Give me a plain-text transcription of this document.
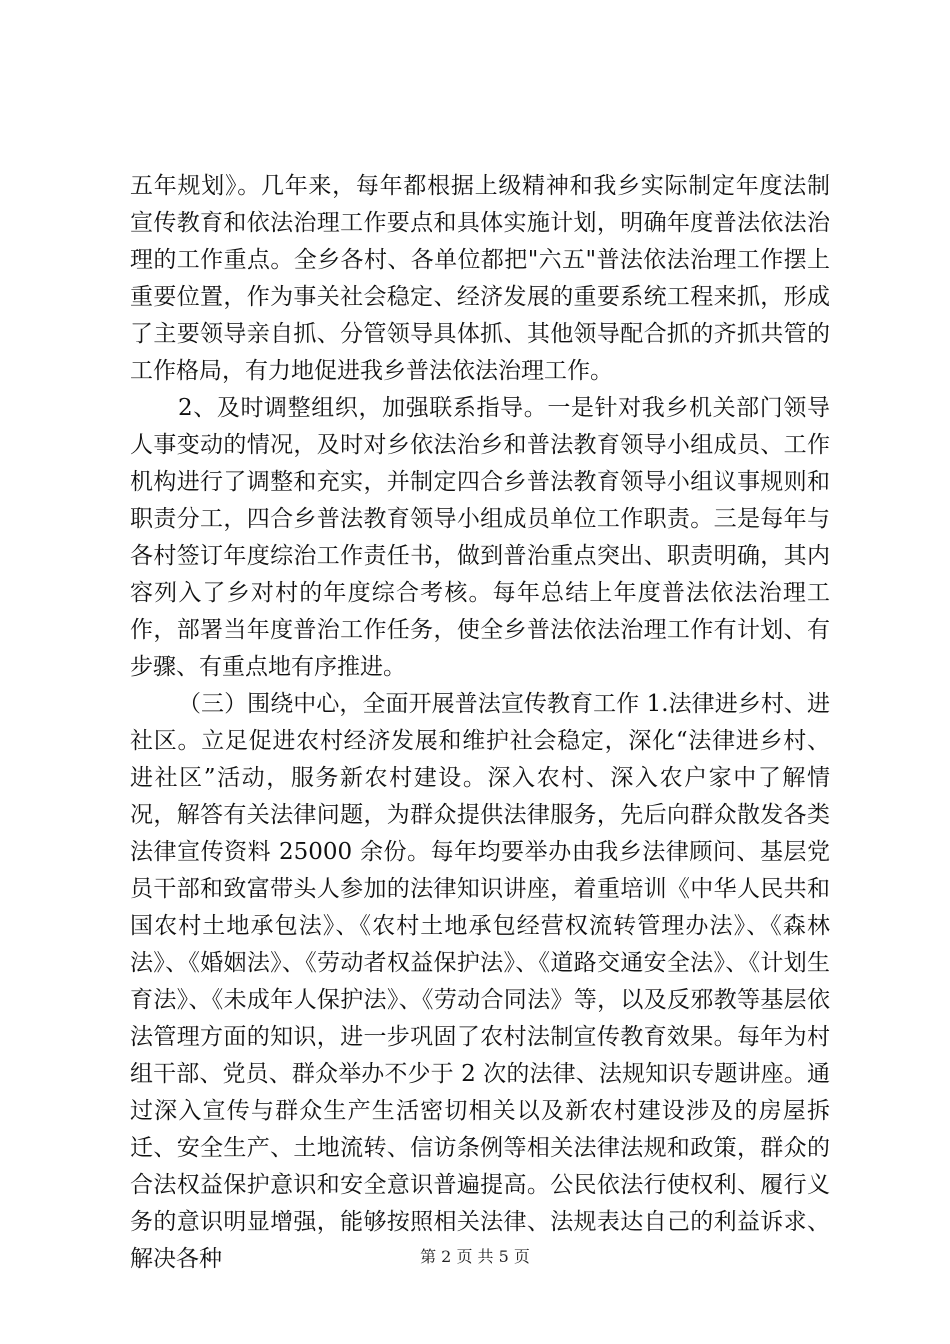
五年规划》。几年来，每年都根据上级精神和我乡实际制定年度法制宣传教育和依法治理工作要点和具体实施计划，明确年度普法依法治理的工作重点。全乡各村、各单位都把"六五"普法依法治理工作摆上重要位置，作为事关社会稳定、经济发展的重要系统工程来抓，形成了主要领导亲自抓、分管领导具体抓、其他领导配合抓的齐抓共管的工作格局，有力地促进我乡普法依法治理工作。

2、及时调整组织，加强联系指导。一是针对我乡机关部门领导人事变动的情况，及时对乡依法治乡和普法教育领导小组成员、工作机构进行了调整和充实，并制定四合乡普法教育领导小组议事规则和职责分工，四合乡普法教育领导小组成员单位工作职责。三是每年与各村签订年度综治工作责任书，做到普治重点突出、职责明确，其内容列入了乡对村的年度综合考核。每年总结上年度普法依法治理工作，部署当年度普治工作任务，使全乡普法依法治理工作有计划、有步骤、有重点地有序推进。

（三）围绕中心，全面开展普法宣传教育工作 1.法律进乡村、进社区。立足促进农村经济发展和维护社会稳定，深化“法律进乡村、进社区”活动，服务新农村建设。深入农村、深入农户家中了解情况，解答有关法律问题，为群众提供法律服务，先后向群众散发各类法律宣传资料 25000 余份。每年均要举办由我乡法律顾问、基层党员干部和致富带头人参加的法律知识讲座，着重培训《中华人民共和国农村土地承包法》、《农村土地承包经营权流转管理办法》、《森林法》、《婚姻法》、《劳动者权益保护法》、《道路交通安全法》、《计划生育法》、《未成年人保护法》、《劳动合同法》等，以及反邪教等基层依法管理方面的知识，进一步巩固了农村法制宣传教育效果。每年为村组干部、党员、群众举办不少于 2 次的法律、法规知识专题讲座。通过深入宣传与群众生产生活密切相关以及新农村建设涉及的房屋拆迁、安全生产、土地流转、信访条例等相关法律法规和政策，群众的合法权益保护意识和安全意识普遍提高。公民依法行使权利、履行义务的意识明显增强，能够按照相关法律、法规表达自己的利益诉求、解决各种	第 2 页 共 5 页
